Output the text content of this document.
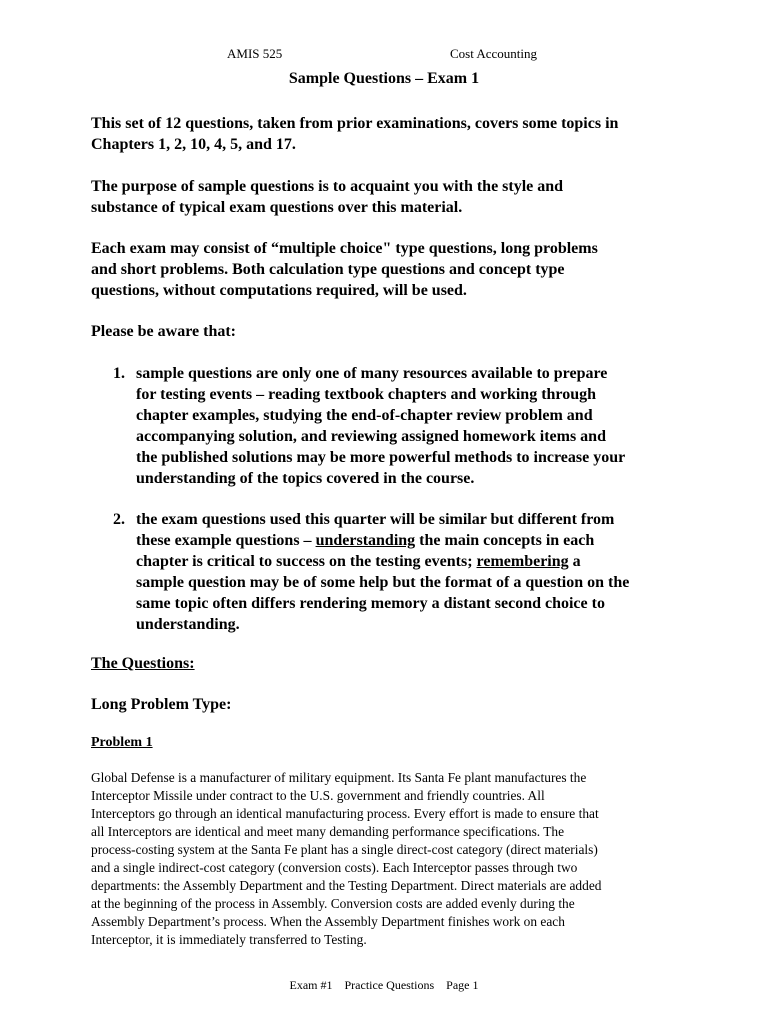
AMIS 525	Cost Accounting
Sample Questions – Exam 1
This set of 12 questions, taken from prior examinations, covers some topics in
Chapters 1, 2, 10, 4, 5, and 17.
The purpose of sample questions is to acquaint you with the style and
substance of typical exam questions over this material.
Each exam may consist of “multiple choice" type questions, long problems
and short problems. Both calculation type questions and concept type
questions, without computations required, will be used.
Please be aware that:
1. sample questions are only one of many resources available to prepare
for testing events – reading textbook chapters and working through
chapter examples, studying the end-of-chapter review problem and
accompanying solution, and reviewing assigned homework items and
the published solutions may be more powerful methods to increase your
understanding of the topics covered in the course.
2. the exam questions used this quarter will be similar but different from
these example questions – understanding the main concepts in each
chapter is critical to success on the testing events; remembering a
sample question may be of some help but the format of a question on the
same topic often differs rendering memory a distant second choice to
understanding.
The Questions:
Long Problem Type:
Problem 1
Global Defense is a manufacturer of military equipment. Its Santa Fe plant manufactures the
Interceptor Missile under contract to the U.S. government and friendly countries. All
Interceptors go through an identical manufacturing process. Every effort is made to ensure that
all Interceptors are identical and meet many demanding performance specifications. The
process-costing system at the Santa Fe plant has a single direct-cost category (direct materials)
and a single indirect-cost category (conversion costs). Each Interceptor passes through two
departments: the Assembly Department and the Testing Department. Direct materials are added
at the beginning of the process in Assembly. Conversion costs are added evenly during the
Assembly Department’s process. When the Assembly Department finishes work on each
Interceptor, it is immediately transferred to Testing.
Exam #1    Practice Questions    Page 1
